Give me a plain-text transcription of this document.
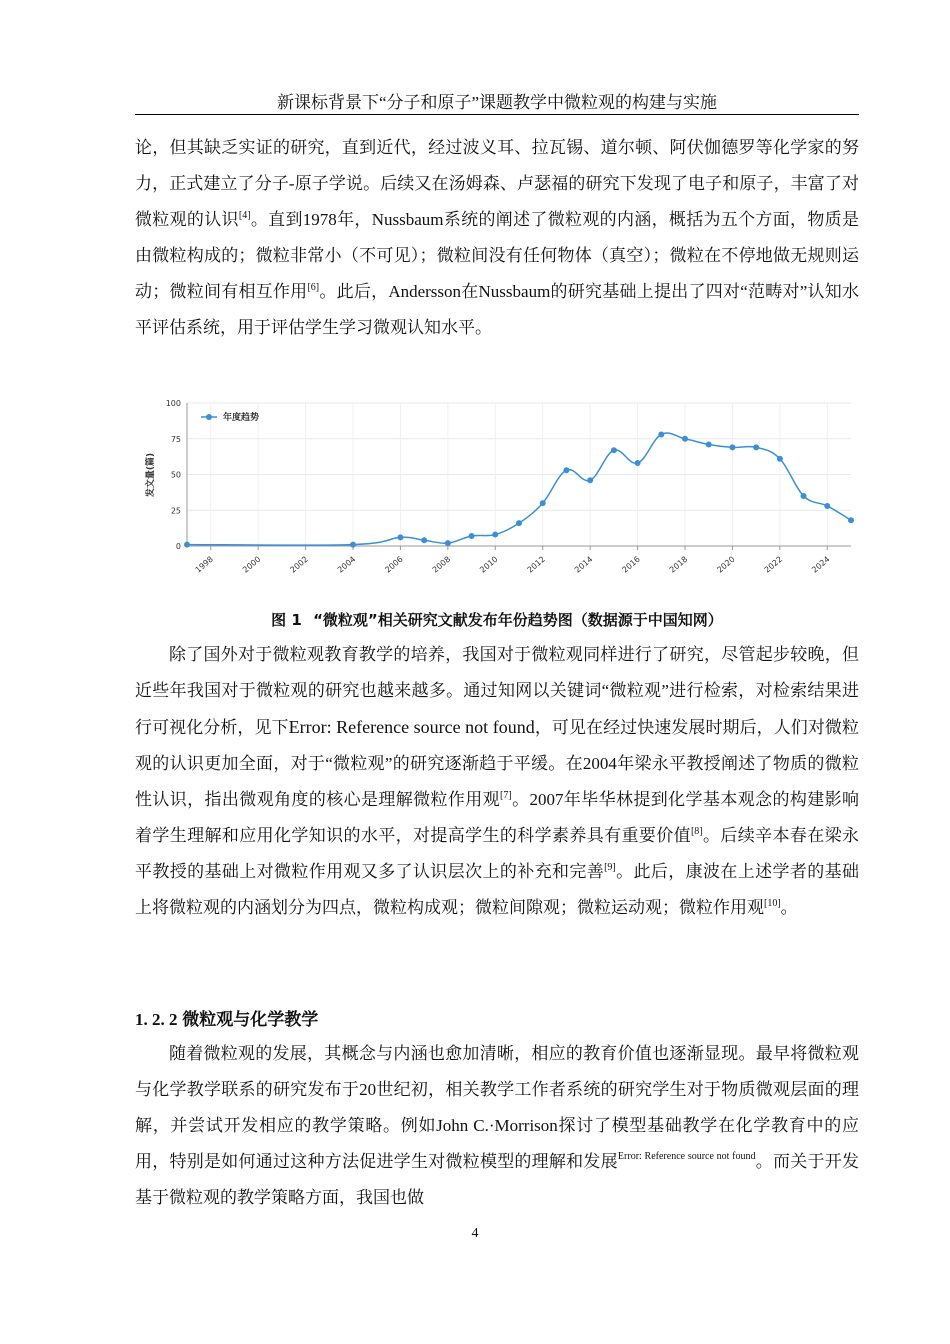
新课标背景下“分子和原子”课题教学中微粒观的构建与实施

论，但其缺乏实证的研究，直到近代，经过波义耳、拉瓦锡、道尔顿、阿伏伽德罗等化学家的努力，正式建立了分子-原子学说。后续又在汤姆森、卢瑟福的研究下发现了电子和原子，丰富了对微粒观的认识[4]。直到1978年，Nussbaum系统的阐述了微粒观的内涵，概括为五个方面，物质是由微粒构成的；微粒非常小（不可见）；微粒间没有任何物体（真空）；微粒在不停地做无规则运动；微粒间有相互作用[6]。此后，Andersson在Nussbaum的研究基础上提出了四对“范畴对”认知水平评估系统，用于评估学生学习微观认知水平。

0
25
50
75
100
1998	2000	2002	2004	2006	2008	2010	2012	2014	2016	2018	2020	2022	2024
发文量(篇)
年度趋势
图 1 “微粒观”相关研究文献发布年份趋势图（数据源于中国知网）

除了国外对于微粒观教育教学的培养，我国对于微粒观同样进行了研究，尽管起步较晚，但近些年我国对于微粒观的研究也越来越多。通过知网以关键词“微粒观”进行检索，对检索结果进行可视化分析，见下Error: Reference source not found，可见在经过快速发展时期后，人们对微粒观的认识更加全面，对于“微粒观”的研究逐渐趋于平缓。在2004年梁永平教授阐述了物质的微粒性认识，指出微观角度的核心是理解微粒作用观[7]。2007年毕华林提到化学基本观念的构建影响着学生理解和应用化学知识的水平，对提高学生的科学素养具有重要价值[8]。后续辛本春在梁永平教授的基础上对微粒作用观又多了认识层次上的补充和完善[9]。此后，康波在上述学者的基础上将微粒观的内涵划分为四点，微粒构成观；微粒间隙观；微粒运动观；微粒作用观[10]。

1. 2. 2 微粒观与化学教学

随着微粒观的发展，其概念与内涵也愈加清晰，相应的教育价值也逐渐显现。最早将微粒观与化学教学联系的研究发布于20世纪初，相关教学工作者系统的研究学生对于物质微观层面的理解，并尝试开发相应的教学策略。例如John C.·Morrison探讨了模型基础教学在化学教育中的应用，特别是如何通过这种方法促进学生对微粒模型的理解和发展$^{Error: Reference source not found}$。而关于开发基于微粒观的教学策略方面，我国也做

4
